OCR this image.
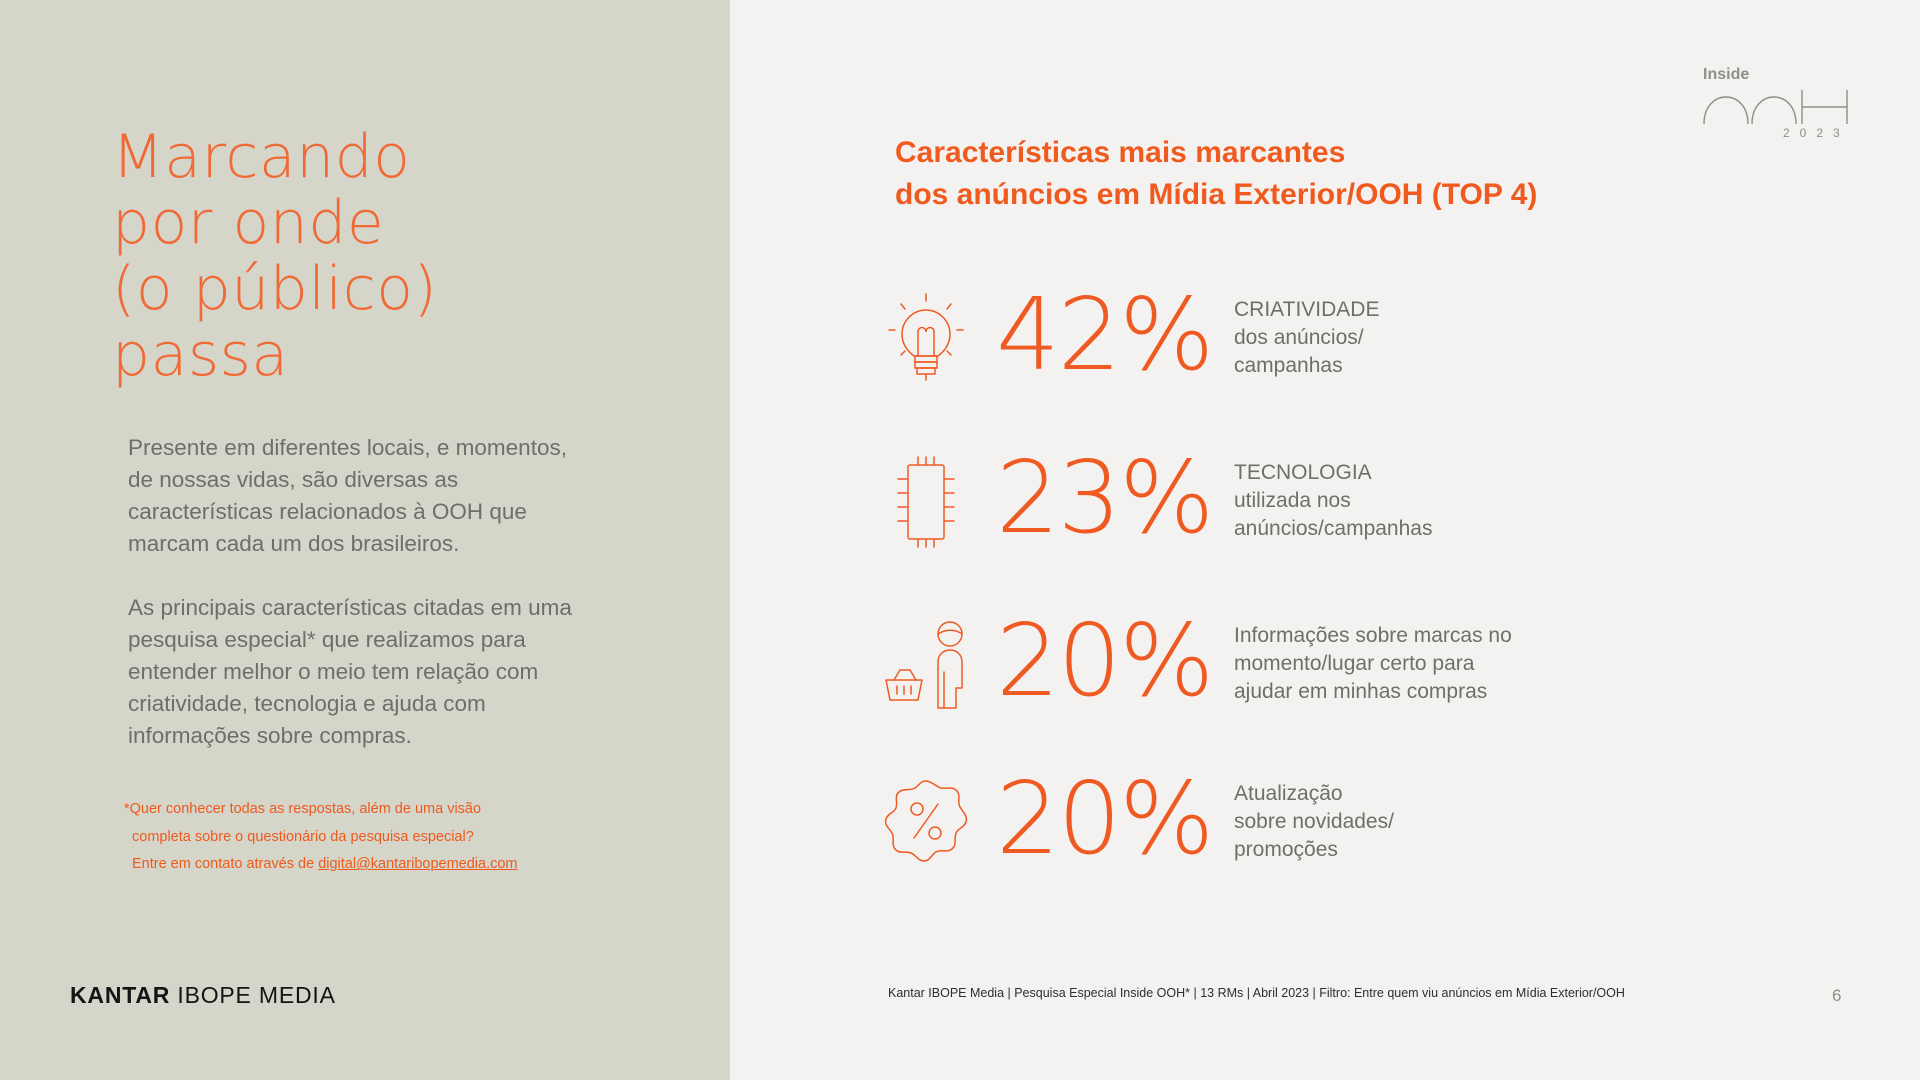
Marcando
por onde
(o público)
passa

Presente em diferentes locais, e momentos, de nossas vidas, são diversas as características relacionados à OOH que marcam cada um dos brasileiros.

As principais características citadas em uma pesquisa especial* que realizamos para entender melhor o meio tem relação com criatividade, tecnologia e ajuda com informações sobre compras.

*Quer conhecer todas as respostas, além de uma visão
completa sobre o questionário da pesquisa especial?
Entre em contato através de digital@kantaribopemedia.com
KANTAR IBOPE MEDIA
Inside
2023
Características mais marcantes
dos anúncios em Mídia Exterior/OOH (TOP 4)
42% CRIATIVIDADE
dos anúncios/
campanhas
23% TECNOLOGIA
utilizada nos
anúncios/campanhas
20% Informações sobre marcas no
momento/lugar certo para
ajudar em minhas compras
20% Atualização
sobre novidades/
promoções
Kantar IBOPE Media | Pesquisa Especial Inside OOH* | 13 RMs | Abril 2023 | Filtro: Entre quem viu anúncios em Mídia Exterior/OOH	6
